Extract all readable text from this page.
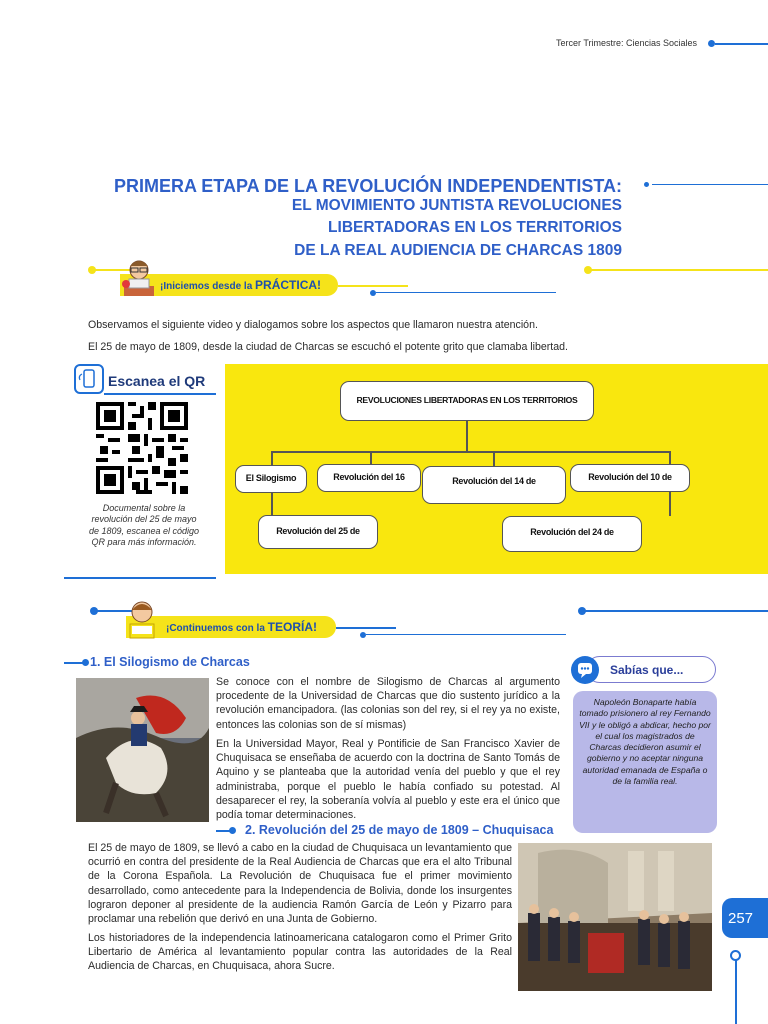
Tercer Trimestre: Ciencias Sociales
PRIMERA ETAPA DE LA REVOLUCIÓN INDEPENDENTISTA:
EL MOVIMIENTO JUNTISTA REVOLUCIONES
LIBERTADORAS EN LOS TERRITORIOS
DE LA REAL AUDIENCIA DE CHARCAS 1809
¡Iniciemos desde la PRÁCTICA!
Observamos el siguiente video y dialogamos sobre los aspectos que llamaron nuestra atención.
El 25 de mayo de 1809, desde la ciudad de Charcas se escuchó el potente grito que clamaba libertad.
Escanea el QR
Documental sobre la revolución del 25 de mayo de 1809, escanea el código QR para más información.
REVOLUCIONES LIBERTADORAS EN LOS TERRITORIOS
El Silogismo	Revolución del 16	Revolución del 14 de	Revolución del 10 de
Revolución del 25 de	Revolución del 24 de
¡Continuemos con la TEORÍA!
1. El Silogismo de Charcas
Se conoce con el nombre de Silogismo de Charcas al argumento procedente de la Universidad de Charcas que dio sustento jurídico a la revolución emancipadora. (las colonias son del rey, si el rey ya no existe, entonces las colonias son de sí mismas)
En la Universidad Mayor, Real y Pontificie de San Francisco Xavier de Chuquisaca se enseñaba de acuerdo con la doctrina de Santo Tomás de Aquino y se planteaba que la autoridad venía del pueblo y que el rey administraba, porque el pueblo le había confiado su potestad. Al desaparecer el rey, la soberanía volvía al pueblo y este era el único que podía tomar determinaciones.
Sabías que...
Napoleón Bonaparte había tomado prisionero al rey Fernando VII y le obligó a abdicar, hecho por el cual los magistrados de Charcas decidieron asumir el gobierno y no aceptar ninguna autoridad emanada de España o de la familia real.
2. Revolución del 25 de mayo de 1809 – Chuquisaca
El 25 de mayo de 1809, se llevó a cabo en la ciudad de Chuquisaca un levantamiento que ocurrió en contra del presidente de la Real Audiencia de Charcas que era el alto Tribunal de la Corona Española. La Revolución de Chuquisaca fue el primer movimiento desarrollado, como antecedente para la Independencia de Bolivia, donde los insurgentes lograron deponer al presidente de la audiencia Ramón García de León y Pizarro para proclamar una rebelión que derivó en una Junta de Gobierno.
Los historiadores de la independencia latinoamericana catalogaron como el Primer Grito Libertario de América al levantamiento popular contra las autoridades de la Real Audiencia de Charcas, en Chuquisaca, ahora Sucre.
257
